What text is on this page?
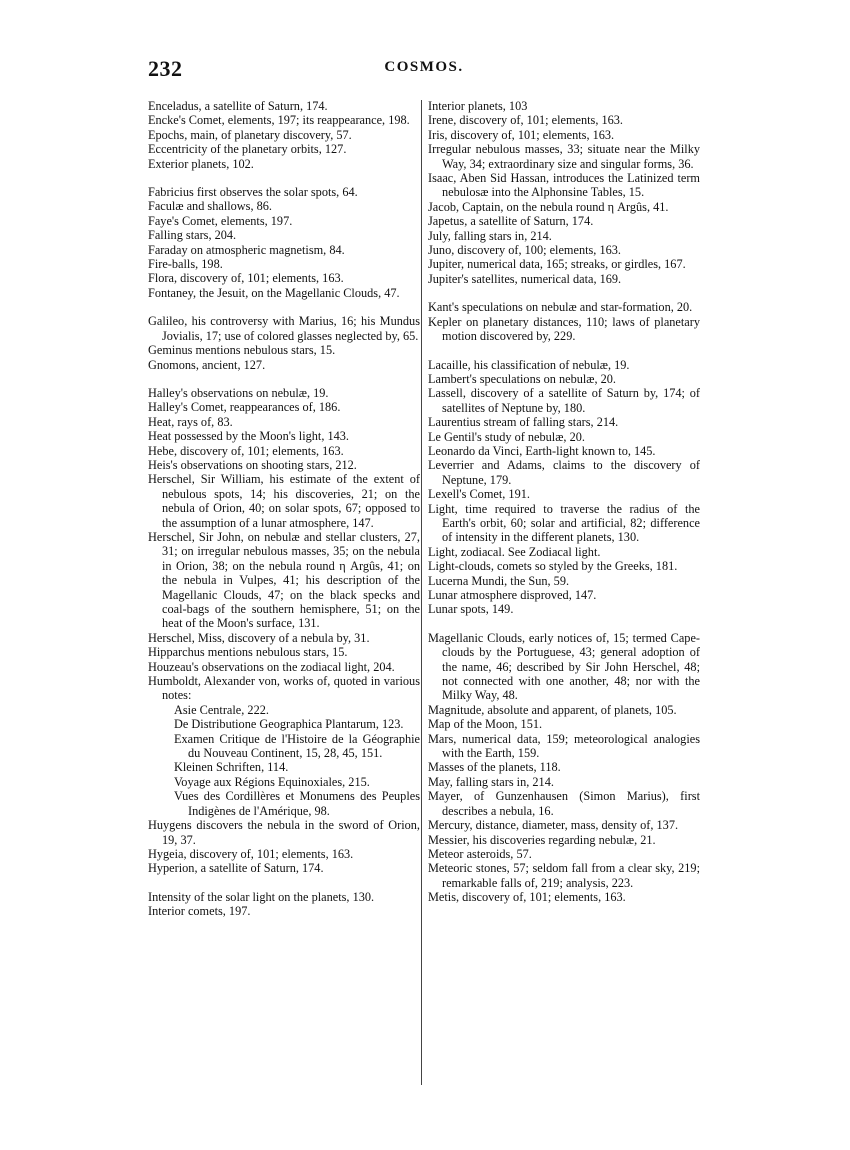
232	COSMOS.

Enceladus, a satellite of Saturn, 174.

Encke's Comet, elements, 197; its reappearance, 198.

Epochs, main, of planetary discovery, 57.

Eccentricity of the planetary orbits, 127.

Exterior planets, 102.

Fabricius first observes the solar spots, 64.

Faculæ and shallows, 86.

Faye's Comet, elements, 197.

Falling stars, 204.

Faraday on atmospheric magnetism, 84.

Fire-balls, 198.

Flora, discovery of, 101; elements, 163.

Fontaney, the Jesuit, on the Magellanic Clouds, 47.

Galileo, his controversy with Marius, 16; his Mundus Jovialis, 17; use of colored glasses neglected by, 65.

Geminus mentions nebulous stars, 15.

Gnomons, ancient, 127.

Halley's observations on nebulæ, 19.

Halley's Comet, reappearances of, 186.

Heat, rays of, 83.

Heat possessed by the Moon's light, 143.

Hebe, discovery of, 101; elements, 163.

Heis's observations on shooting stars, 212.

Herschel, Sir William, his estimate of the extent of nebulous spots, 14; his discoveries, 21; on the nebula of Orion, 40; on solar spots, 67; opposed to the assumption of a lunar atmosphere, 147.

Herschel, Sir John, on nebulæ and stellar clusters, 27, 31; on irregular nebulous masses, 35; on the nebula in Orion, 38; on the nebula round η Argûs, 41; on the nebula in Vulpes, 41; his description of the Magellanic Clouds, 47; on the black specks and coal-bags of the southern hemisphere, 51; on the heat of the Moon's surface, 131.

Herschel, Miss, discovery of a nebula by, 31.

Hipparchus mentions nebulous stars, 15.

Houzeau's observations on the zodiacal light, 204.

Humboldt, Alexander von, works of, quoted in various notes:

Asie Centrale, 222.

De Distributione Geographica Plantarum, 123.

Examen Critique de l'Histoire de la Géographie du Nouveau Continent, 15, 28, 45, 151.

Kleinen Schriften, 114.

Voyage aux Régions Equinoxiales, 215.

Vues des Cordillères et Monumens des Peuples Indigènes de l'Amérique, 98.

Huygens discovers the nebula in the sword of Orion, 19, 37.

Hygeia, discovery of, 101; elements, 163.

Hyperion, a satellite of Saturn, 174.

Intensity of the solar light on the planets, 130.

Interior comets, 197.

Interior planets, 103

Irene, discovery of, 101; elements, 163.

Iris, discovery of, 101; elements, 163.

Irregular nebulous masses, 33; situate near the Milky Way, 34; extraordinary size and singular forms, 36.

Isaac, Aben Sid Hassan, introduces the Latinized term nebulosæ into the Alphonsine Tables, 15.

Jacob, Captain, on the nebula round η Argûs, 41.

Japetus, a satellite of Saturn, 174.

July, falling stars in, 214.

Juno, discovery of, 100; elements, 163.

Jupiter, numerical data, 165; streaks, or girdles, 167.

Jupiter's satellites, numerical data, 169.

Kant's speculations on nebulæ and star-formation, 20.

Kepler on planetary distances, 110; laws of planetary motion discovered by, 229.

Lacaille, his classification of nebulæ, 19.

Lambert's speculations on nebulæ, 20.

Lassell, discovery of a satellite of Saturn by, 174; of satellites of Neptune by, 180.

Laurentius stream of falling stars, 214.

Le Gentil's study of nebulæ, 20.

Leonardo da Vinci, Earth-light known to, 145.

Leverrier and Adams, claims to the discovery of Neptune, 179.

Lexell's Comet, 191.

Light, time required to traverse the radius of the Earth's orbit, 60; solar and artificial, 82; difference of intensity in the different planets, 130.

Light, zodiacal. See Zodiacal light.

Light-clouds, comets so styled by the Greeks, 181.

Lucerna Mundi, the Sun, 59.

Lunar atmosphere disproved, 147.

Lunar spots, 149.

Magellanic Clouds, early notices of, 15; termed Cape-clouds by the Portuguese, 43; general adoption of the name, 46; described by Sir John Herschel, 48; not connected with one another, 48; nor with the Milky Way, 48.

Magnitude, absolute and apparent, of planets, 105.

Map of the Moon, 151.

Mars, numerical data, 159; meteorological analogies with the Earth, 159.

Masses of the planets, 118.

May, falling stars in, 214.

Mayer, of Gunzenhausen (Simon Marius), first describes a nebula, 16.

Mercury, distance, diameter, mass, density of, 137.

Messier, his discoveries regarding nebulæ, 21.

Meteor asteroids, 57.

Meteoric stones, 57; seldom fall from a clear sky, 219; remarkable falls of, 219; analysis, 223.

Metis, discovery of, 101; elements, 163.
